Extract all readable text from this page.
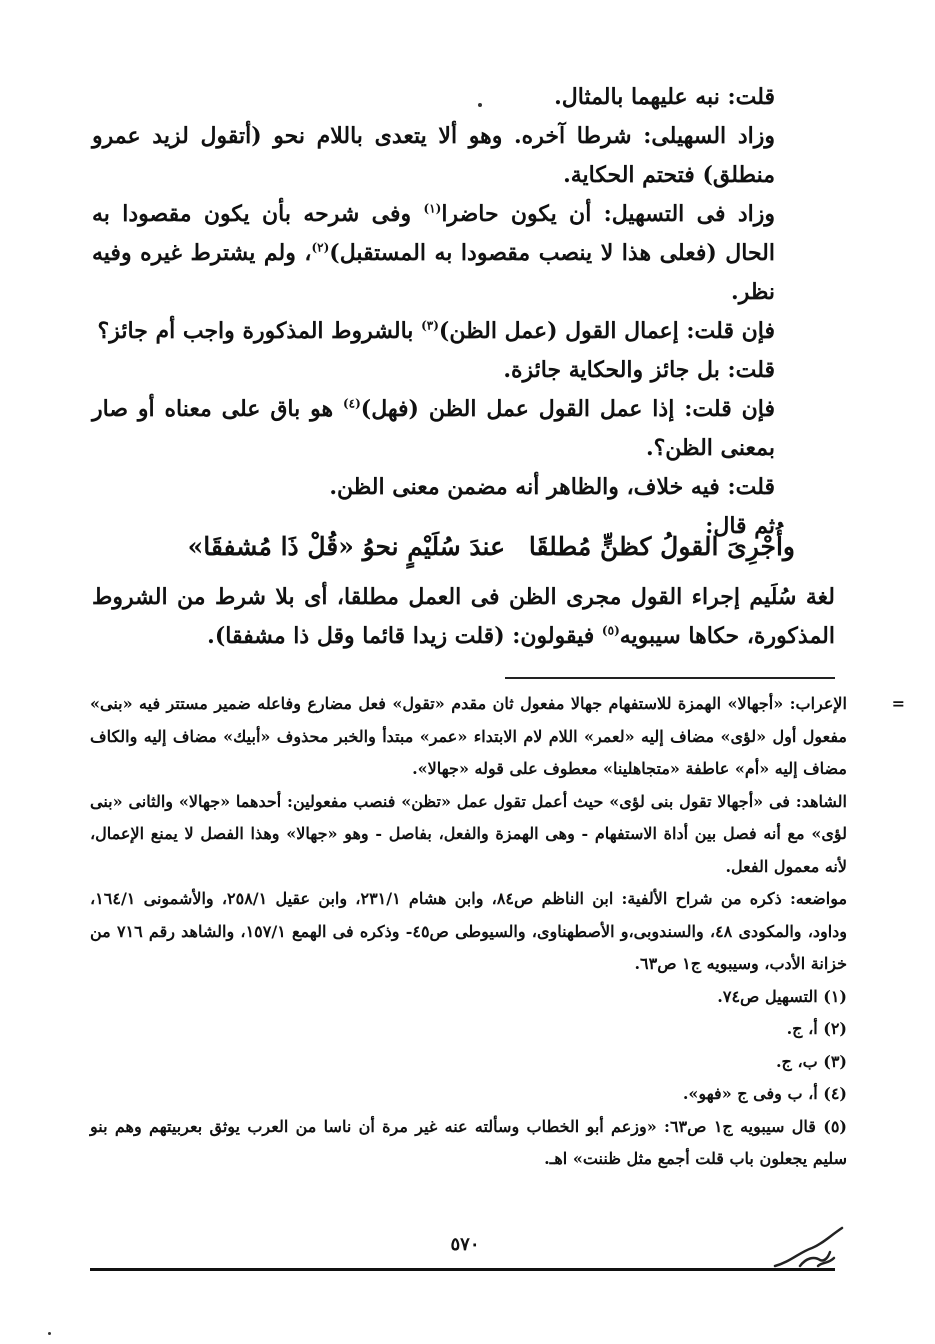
قلت: نبه عليهما بالمثال.

وزاد السهيلى: شرطا آخره. وهو ألا يتعدى باللام نحو (أتقول لزيد عمرو منطلق) فتحتم الحكاية.

وزاد فى التسهيل: أن يكون حاضرا$^{(١)}$ وفى شرحه بأن يكون مقصودا به الحال (فعلى هذا لا ينصب مقصودا به المستقبل)$^{(٢)}$، ولم يشترط غيره وفيه نظر.

فإن قلت: إعمال القول (عمل الظن)$^{(٣)}$ بالشروط المذكورة واجب أم جائز؟

قلت: بل جائز والحكاية جائزة.

فإن قلت: إذا عمل القول عمل الظن (فهل)$^{(٤)}$ هو باق على معناه أو صار بمعنى الظن؟.

قلت: فيه خلاف، والظاهر أنه مضمن معنى الظن.

ثم قال:

وأُجْرِىَ القولُ كظنٍّ مُطلقَا
عندَ سُلَيْمٍ نحوُ «قُلْ ذَا مُشفقَا»

لغة سُلَيم إجراء القول مجرى الظن فى العمل مطلقا، أى بلا شرط من الشروط المذكورة، حكاها سيبويه$^{(٥)}$ فيقولون: (قلت زيدا قائما وقل ذا مشفقا).

=

الإعراب: «أجهالا» الهمزة للاستفهام جهالا مفعول ثان مقدم «تقول» فعل مضارع وفاعله ضمير مستتر فيه «بنى» مفعول أول «لؤى» مضاف إليه «لعمر» اللام لام الابتداء «عمر» مبتدأ والخبر محذوف «أبيك» مضاف إليه والكاف مضاف إليه «أم» عاطفة «متجاهلينا» معطوف على قوله «جهالا».

الشاهد: فى «أجهالا تقول بنى لؤى» حيث أعمل تقول عمل «تظن» فنصب مفعولين: أحدهما «جهالا» والثانى «بنى لؤى» مع أنه فصل بين أداة الاستفهام - وهى الهمزة والفعل، بفاصل - وهو «جهالا» وهذا الفصل لا يمنع الإعمال، لأنه معمول الفعل.

مواضعه: ذكره من شراح الألفية: ابن الناظم ص٨٤، وابن هشام ٢٣١/١، وابن عقيل ٢٥٨/١، والأشمونى ١٦٤/١، وداود، والمكودى ٤٨، والسندوبى،و الأصطهناوى، والسيوطى ص٤٥- وذكره فى الهمع ١٥٧/١، والشاهد رقم ٧١٦ من خزانة الأدب، وسيبويه ج١ ص٦٣.

(١) التسهيل ص٧٤.

(٢) أ، ج.

(٣) ب، ج.

(٤) أ، ب وفى ج «فهو».

(٥) قال سيبويه ج١ ص٦٣: «وزعم أبو الخطاب وسألته عنه غير مرة أن ناسا من العرب يوثق بعربيتهم وهم بنو سليم يجعلون باب قلت أجمع مثل ظننت» اهـ.

٥٧٠
